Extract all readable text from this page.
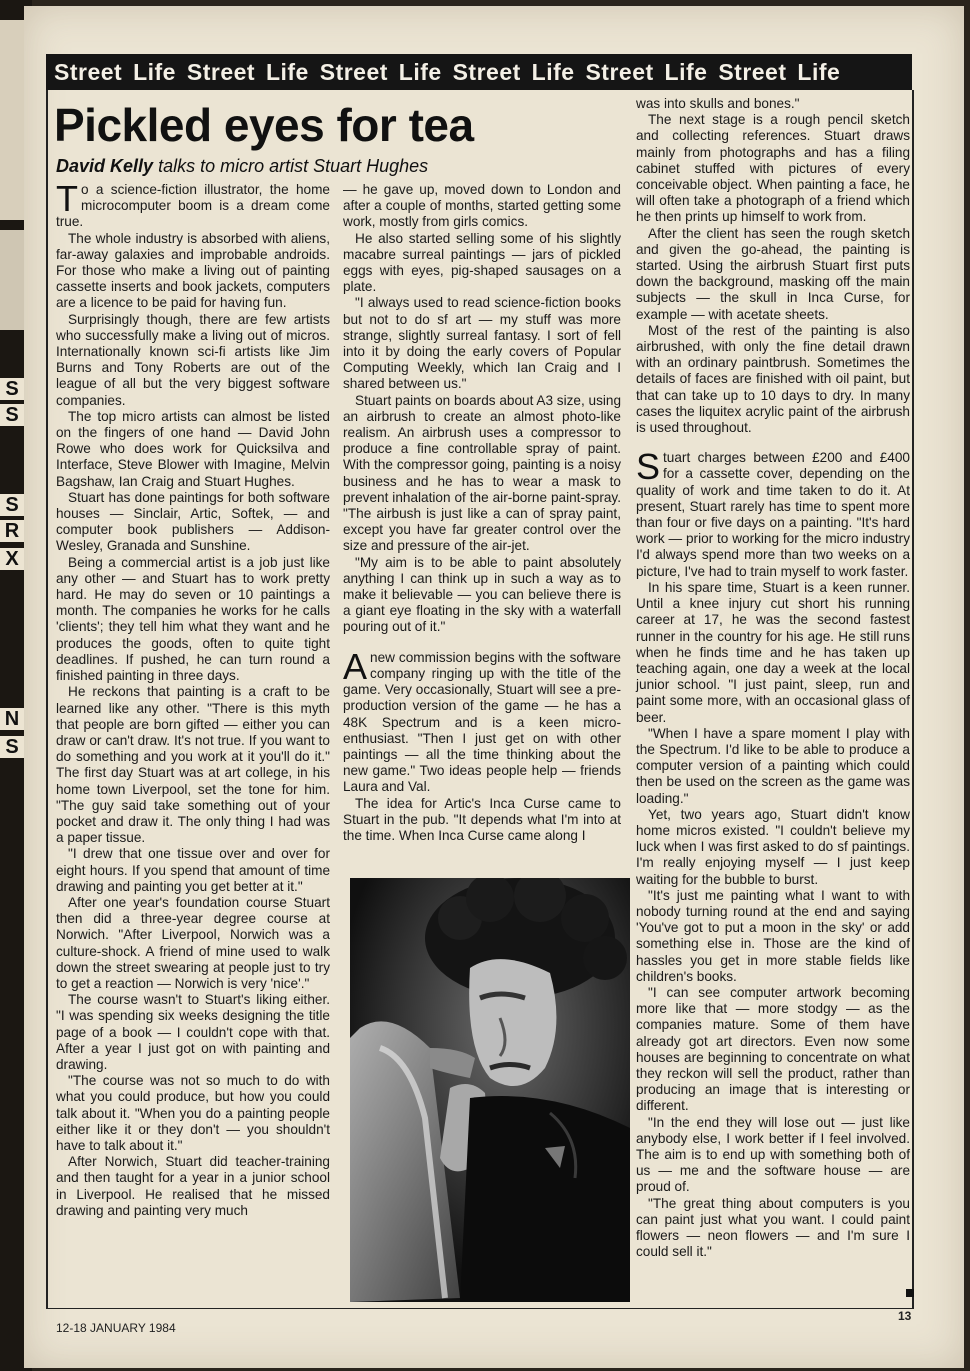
S
S
S
R
X
N
S
Street Life Street Life Street Life Street Life Street Life Street Life
Pickled eyes for tea
David Kelly talks to micro artist Stuart Hughes

To a science-fiction illustrator, the home microcomputer boom is a dream come true.

The whole industry is absorbed with aliens, far-away galaxies and improbable androids. For those who make a living out of painting cassette inserts and book jackets, computers are a licence to be paid for having fun.

Surprisingly though, there are few artists who successfully make a living out of micros. Internationally known sci-fi artists like Jim Burns and Tony Roberts are out of the league of all but the very biggest software companies.

The top micro artists can almost be listed on the fingers of one hand — David John Rowe who does work for Quicksilva and Interface, Steve Blower with Imagine, Melvin Bagshaw, Ian Craig and Stuart Hughes.

Stuart has done paintings for both software houses — Sinclair, Artic, Softek, — and computer book publishers — Addison-Wesley, Granada and Sunshine.

Being a commercial artist is a job just like any other — and Stuart has to work pretty hard. He may do seven or 10 paintings a month. The companies he works for he calls 'clients'; they tell him what they want and he produces the goods, often to quite tight deadlines. If pushed, he can turn round a finished painting in three days.

He reckons that painting is a craft to be learned like any other. "There is this myth that people are born gifted — either you can draw or can't draw. It's not true. If you want to do something and you work at it you'll do it." The first day Stuart was at art college, in his home town Liverpool, set the tone for him. "The guy said take something out of your pocket and draw it. The only thing I had was a paper tissue.

"I drew that one tissue over and over for eight hours. If you spend that amount of time drawing and painting you get better at it."

After one year's foundation course Stuart then did a three-year degree course at Norwich. "After Liverpool, Norwich was a culture-shock. A friend of mine used to walk down the street swearing at people just to try to get a reaction — Norwich is very 'nice'."

The course wasn't to Stuart's liking either. "I was spending six weeks designing the title page of a book — I couldn't cope with that. After a year I just got on with painting and drawing.

"The course was not so much to do with what you could produce, but how you could talk about it. "When you do a painting people either like it or they don't — you shouldn't have to talk about it."

After Norwich, Stuart did teacher-training and then taught for a year in a junior school in Liverpool. He realised that he missed drawing and painting very much

— he gave up, moved down to London and after a couple of months, started getting some work, mostly from girls comics.

He also started selling some of his slightly macabre surreal paintings — jars of pickled eggs with eyes, pig-shaped sausages on a plate.

"I always used to read science-fiction books but not to do sf art — my stuff was more strange, slightly surreal fantasy. I sort of fell into it by doing the early covers of Popular Computing Weekly, which Ian Craig and I shared between us."

Stuart paints on boards about A3 size, using an airbrush to create an almost photo-like realism. An airbrush uses a compressor to produce a fine controllable spray of paint. With the compressor going, painting is a noisy business and he has to wear a mask to prevent inhalation of the air-borne paint-spray. "The airbush is just like a can of spray paint, except you have far greater control over the size and pressure of the air-jet.

"My aim is to be able to paint absolutely anything I can think up in such a way as to make it believable — you can believe there is a giant eye floating in the sky with a waterfall pouring out of it."

Anew commission begins with the software company ringing up with the title of the game. Very occasionally, Stuart will see a pre-production version of the game — he has a 48K Spectrum and is a keen micro-enthusiast. "Then I just get on with other paintings — all the time thinking about the new game." Two ideas people help — friends Laura and Val.

The idea for Artic's Inca Curse came to Stuart in the pub. "It depends what I'm into at the time. When Inca Curse came along I

was into skulls and bones."

The next stage is a rough pencil sketch and collecting references. Stuart draws mainly from photographs and has a filing cabinet stuffed with pictures of every conceivable object. When painting a face, he will often take a photograph of a friend which he then prints up himself to work from.

After the client has seen the rough sketch and given the go-ahead, the painting is started. Using the airbrush Stuart first puts down the background, masking off the main subjects — the skull in Inca Curse, for example — with acetate sheets.

Most of the rest of the painting is also airbrushed, with only the fine detail drawn with an ordinary paintbrush. Sometimes the details of faces are finished with oil paint, but that can take up to 10 days to dry. In many cases the liquitex acrylic paint of the airbrush is used throughout.

Stuart charges between £200 and £400 for a cassette cover, depending on the quality of work and time taken to do it. At present, Stuart rarely has time to spent more than four or five days on a painting. "It's hard work — prior to working for the micro industry I'd always spend more than two weeks on a picture, I've had to train myself to work faster.

In his spare time, Stuart is a keen runner. Until a knee injury cut short his running career at 17, he was the second fastest runner in the country for his age. He still runs when he finds time and he has taken up teaching again, one day a week at the local junior school. "I just paint, sleep, run and paint some more, with an occasional glass of beer.

"When I have a spare moment I play with the Spectrum. I'd like to be able to produce a computer version of a painting which could then be used on the screen as the game was loading."

Yet, two years ago, Stuart didn't know home micros existed. "I couldn't believe my luck when I was first asked to do sf paintings. I'm really enjoying myself — I just keep waiting for the bubble to burst.

"It's just me painting what I want to with nobody turning round at the end and saying 'You've got to put a moon in the sky' or add something else in. Those are the kind of hassles you get in more stable fields like children's books.

"I can see computer artwork becoming more like that — more stodgy — as the companies mature. Some of them have already got art directors. Even now some houses are beginning to concentrate on what they reckon will sell the product, rather than producing an image that is interesting or different.

"In the end they will lose out — just like anybody else, I work better if I feel involved. The aim is to end up with something both of us — me and the software house — are proud of.

"The great thing about computers is you can paint just what you want. I could paint flowers — neon flowers — and I'm sure I could sell it."

12-18 JANUARY 1984
13
